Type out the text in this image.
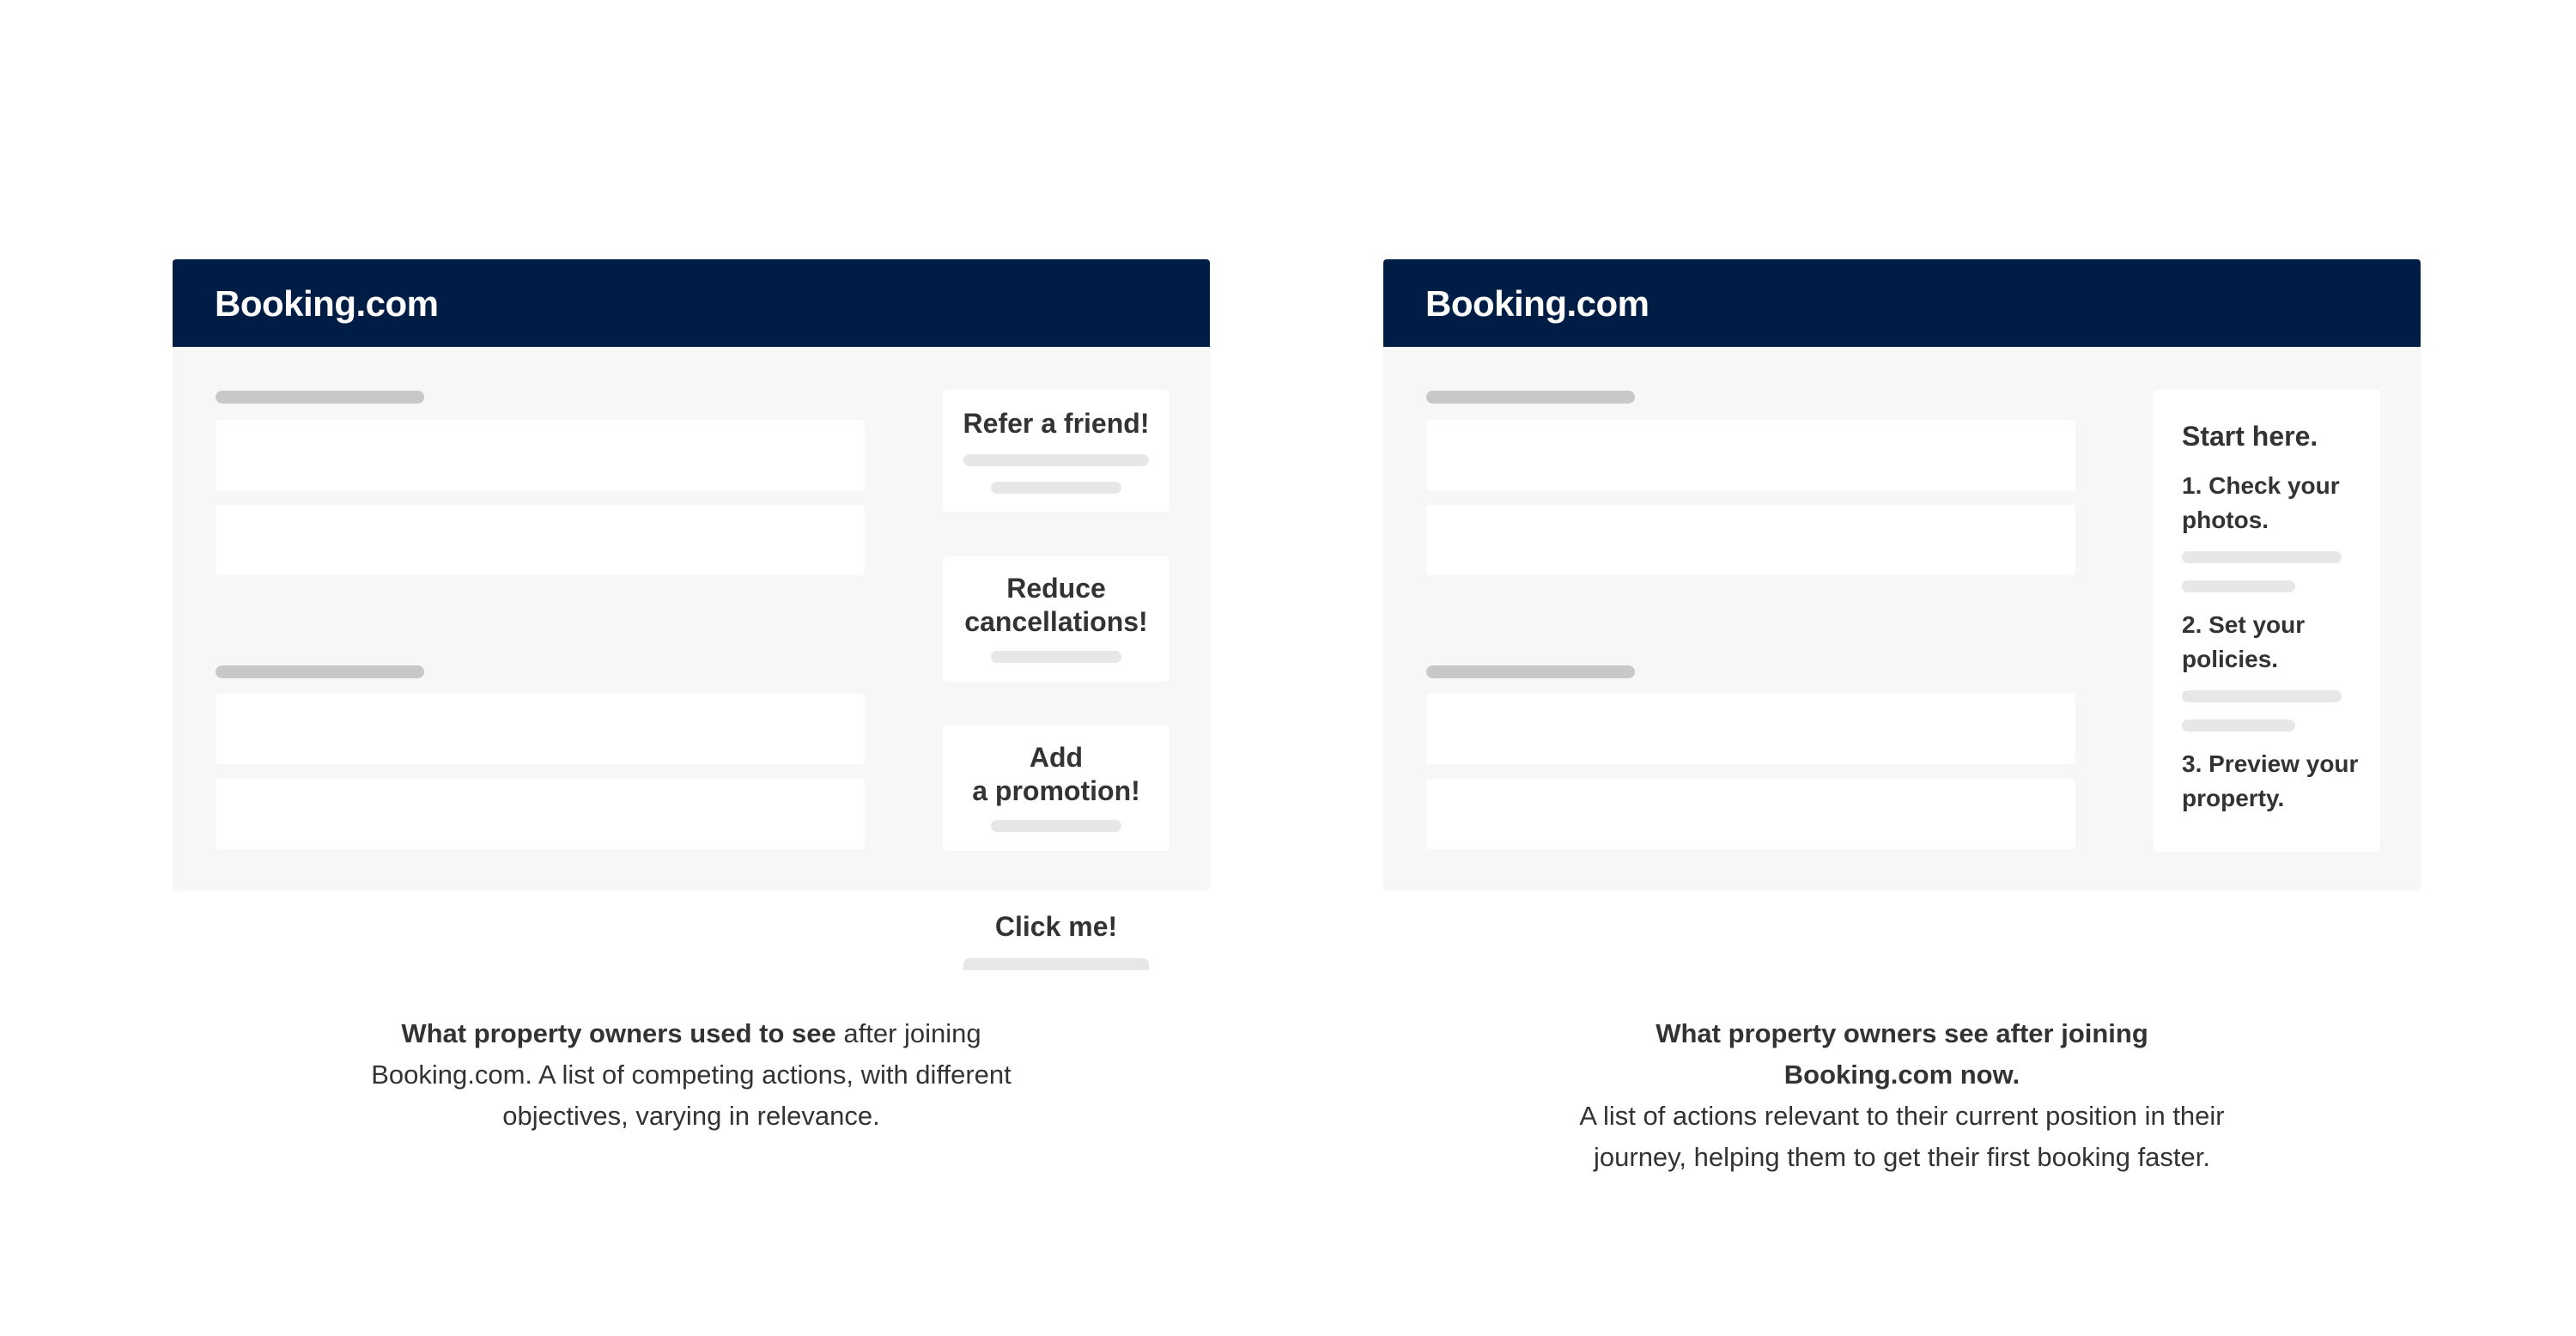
Booking.com
Refer a friend!
Reduce
cancellations!
Add
a promotion!
Click me!
What property owners used to see after joining Booking.com. A list of competing actions, with different objectives, varying in relevance.
Booking.com
Start here.
1. Check your
photos.
2. Set your
policies.
3. Preview your
property.
What property owners see after joining Booking.com now.
A list of actions relevant to their current position in their journey, helping them to get their first booking faster.
